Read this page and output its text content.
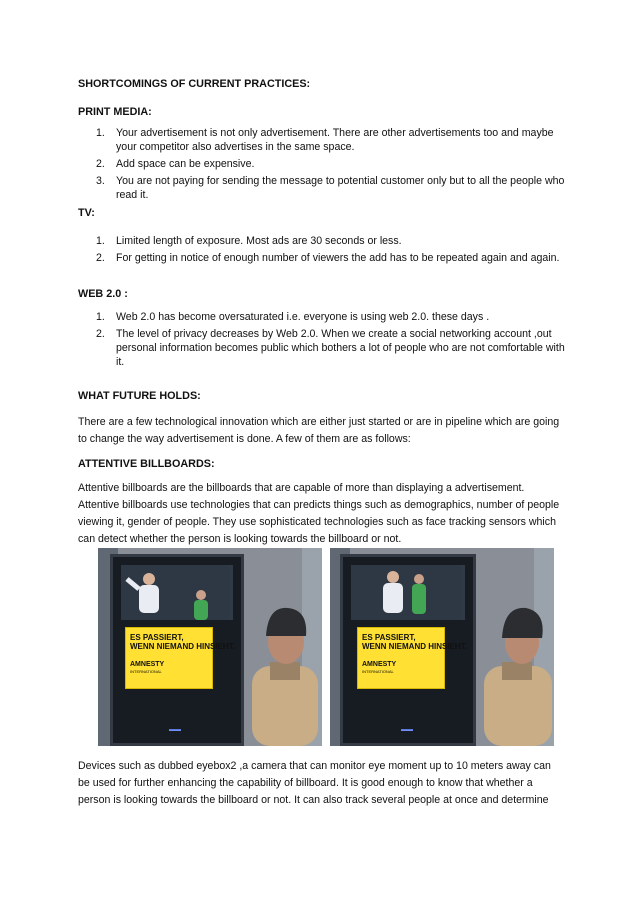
SHORTCOMINGS OF CURRENT PRACTICES:
PRINT MEDIA:
1. Your advertisement is not only advertisement. There are other advertisements too and maybe your competitor also advertises in the same space.
2. Add space can be expensive.
3. You are not paying for sending the message to potential customer only but to all the people who read it.
TV:
1. Limited length of exposure. Most ads are 30 seconds or less.
2. For getting in notice of enough number of viewers the add has to be repeated again and again.
WEB 2.0 :
1. Web 2.0 has become oversaturated i.e. everyone is using web 2.0. these days .
2. The level of privacy decreases by Web 2.0. When we create a social networking account ,out personal information becomes public which bothers a lot of people who are not comfortable with it.
WHAT FUTURE HOLDS:
There are a few technological innovation which are either just started or are in pipeline which are going to change the way advertisement is done. A few of them are as follows:
ATTENTIVE BILLBOARDS:
Attentive billboards are the billboards that are capable of more than displaying a advertisement. Attentive billboards use technologies that can predicts things such as demographics, number of people viewing it, gender of people. They use sophisticated technologies such as face tracking sensors which can detect whether the person is looking towards the billboard or not.
ES PASSIERT,
WENN NIEMAND HINSIEHT.

AMNESTY
INTERNATIONAL
▬▬
ES PASSIERT,
WENN NIEMAND HINSIEHT.

AMNESTY
INTERNATIONAL
▬▬
Devices such as dubbed eyebox2 ,a camera that can monitor eye moment up to 10 meters away can be used for further enhancing the capability of billboard. It is good enough to know that whether a person is looking towards the billboard or not. It can also track several people at once and determine
